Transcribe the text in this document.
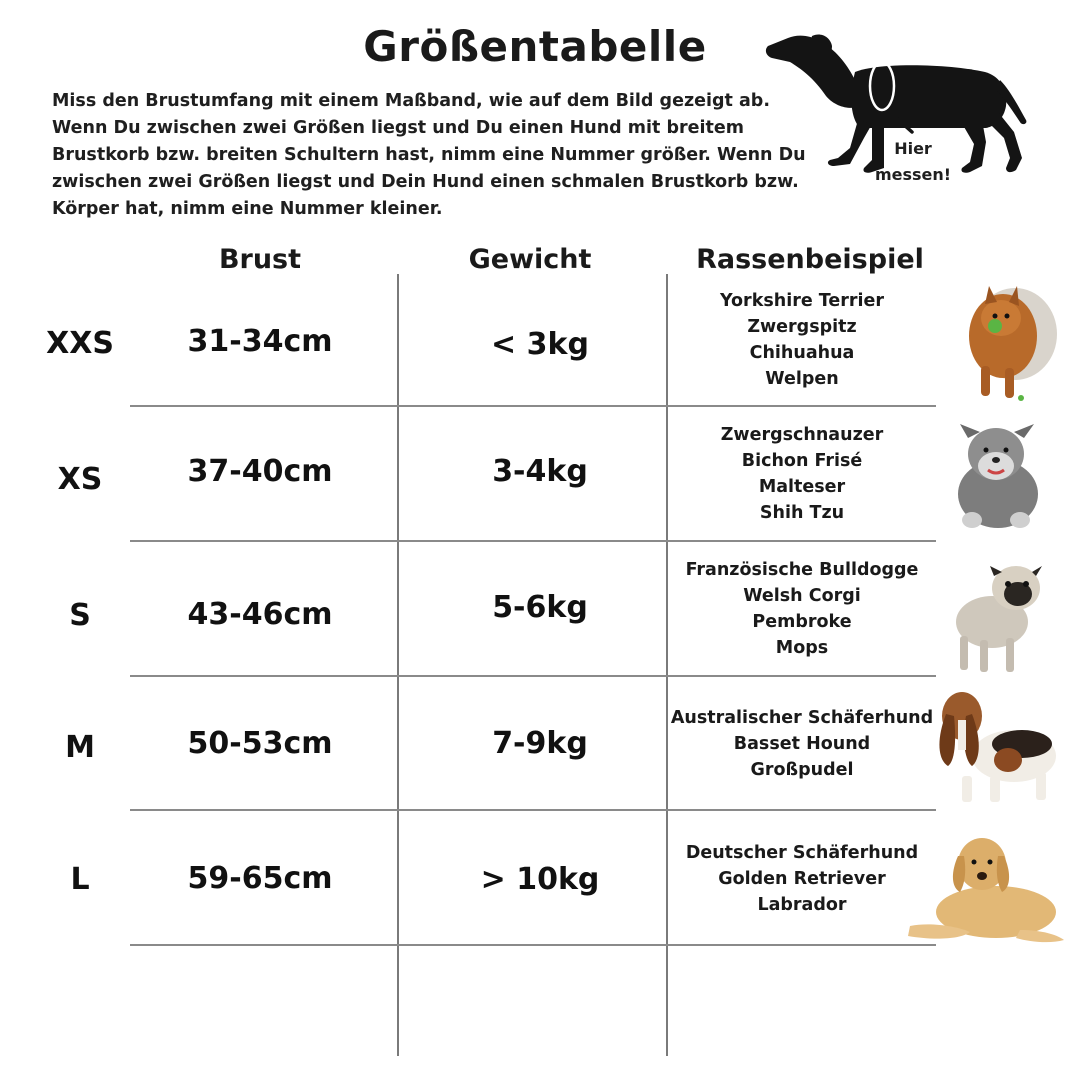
Größentabelle

Miss den Brustumfang mit einem Maßband, wie auf dem Bild gezeigt ab.

Wenn Du zwischen zwei Größen liegst und Du einen Hund mit breitem

Brustkorb bzw. breiten Schultern hast, nimm eine Nummer größer. Wenn Du

zwischen zwei Größen liegst und Dein Hund einen schmalen Brustkorb bzw.

Körper hat, nimm eine Nummer kleiner.

Hier
messen!
Brust	Gewicht	Rassenbeispiel
XXS	31-34cm	< 3kg
Yorkshire Terrier
Zwergspitz
Chihuahua
Welpen
XS	37-40cm	3-4kg
Zwergschnauzer
Bichon Frisé
Malteser
Shih Tzu
S	43-46cm	5-6kg
Französische Bulldogge
Welsh Corgi
Pembroke
Mops
M	50-53cm	7-9kg
Australischer Schäferhund
Basset Hound
Großpudel
L	59-65cm	> 10kg
Deutscher Schäferhund
Golden Retriever
Labrador
